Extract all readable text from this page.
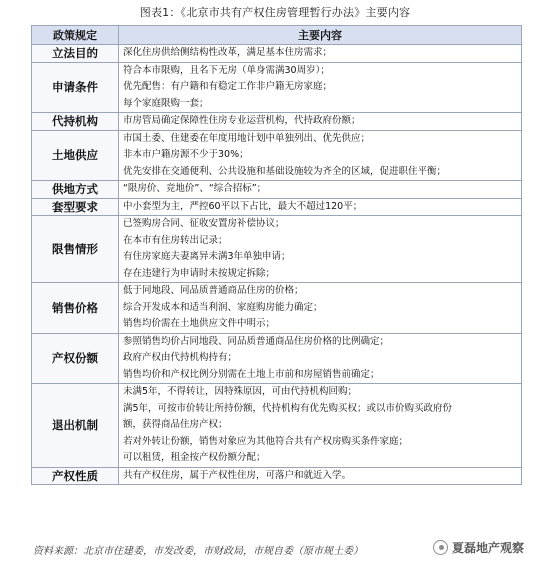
图表1：《北京市共有产权住房管理暂行办法》主要内容
政策规定	主要内容
立法目的	深化住房供给侧结构性改革，满足基本住房需求；

申请条件	符合本市限购，且名下无房（单身需满30周岁）；
优先配售：有户籍和有稳定工作非户籍无房家庭；
每个家庭限购一套；

代持机构	市房管局确定保障性住房专业运营机构，代持政府份额；

土地供应	市国土委、住建委在年度用地计划中单独列出、优先供应；
非本市户籍房源不少于30%；
优先安排在交通便利、公共设施和基础设施较为齐全的区域，促进职住平衡；

供地方式	“限房价、竞地价”、“综合招标”；

套型要求	中小套型为主，严控60平以下占比，最大不超过120平；

限售情形	已签购房合同、征收安置房补偿协议；
在本市有住房转出记录；
有住房家庭夫妻离异未满3年单独申请；
存在违建行为申请时未按规定拆除；

销售价格	低于同地段、同品质普通商品住房的价格；
综合开发成本和适当利润、家庭购房能力确定；
销售均价需在土地供应文件中明示；

产权份额	参照销售均价占同地段、同品质普通商品住房价格的比例确定；
政府产权由代持机构持有；
销售均价和产权比例分别需在土地上市前和房屋销售前确定；

退出机制	未满5年，不得转让，因特殊原因，可由代持机构回购；
满5年，可按市价转让所持份额，代持机构有优先购买权；或以市价购买政府份
额，获得商品住房产权；
若对外转让份额，销售对象应为其他符合共有产权房购买条件家庭；
可以租赁，租金按产权份额分配；

产权性质	共有产权住房，属于产权性住房，可落户和就近入学。
资料来源：北京市住建委，市发改委，市财政局，市规自委（原市规土委）	夏磊地产观察
